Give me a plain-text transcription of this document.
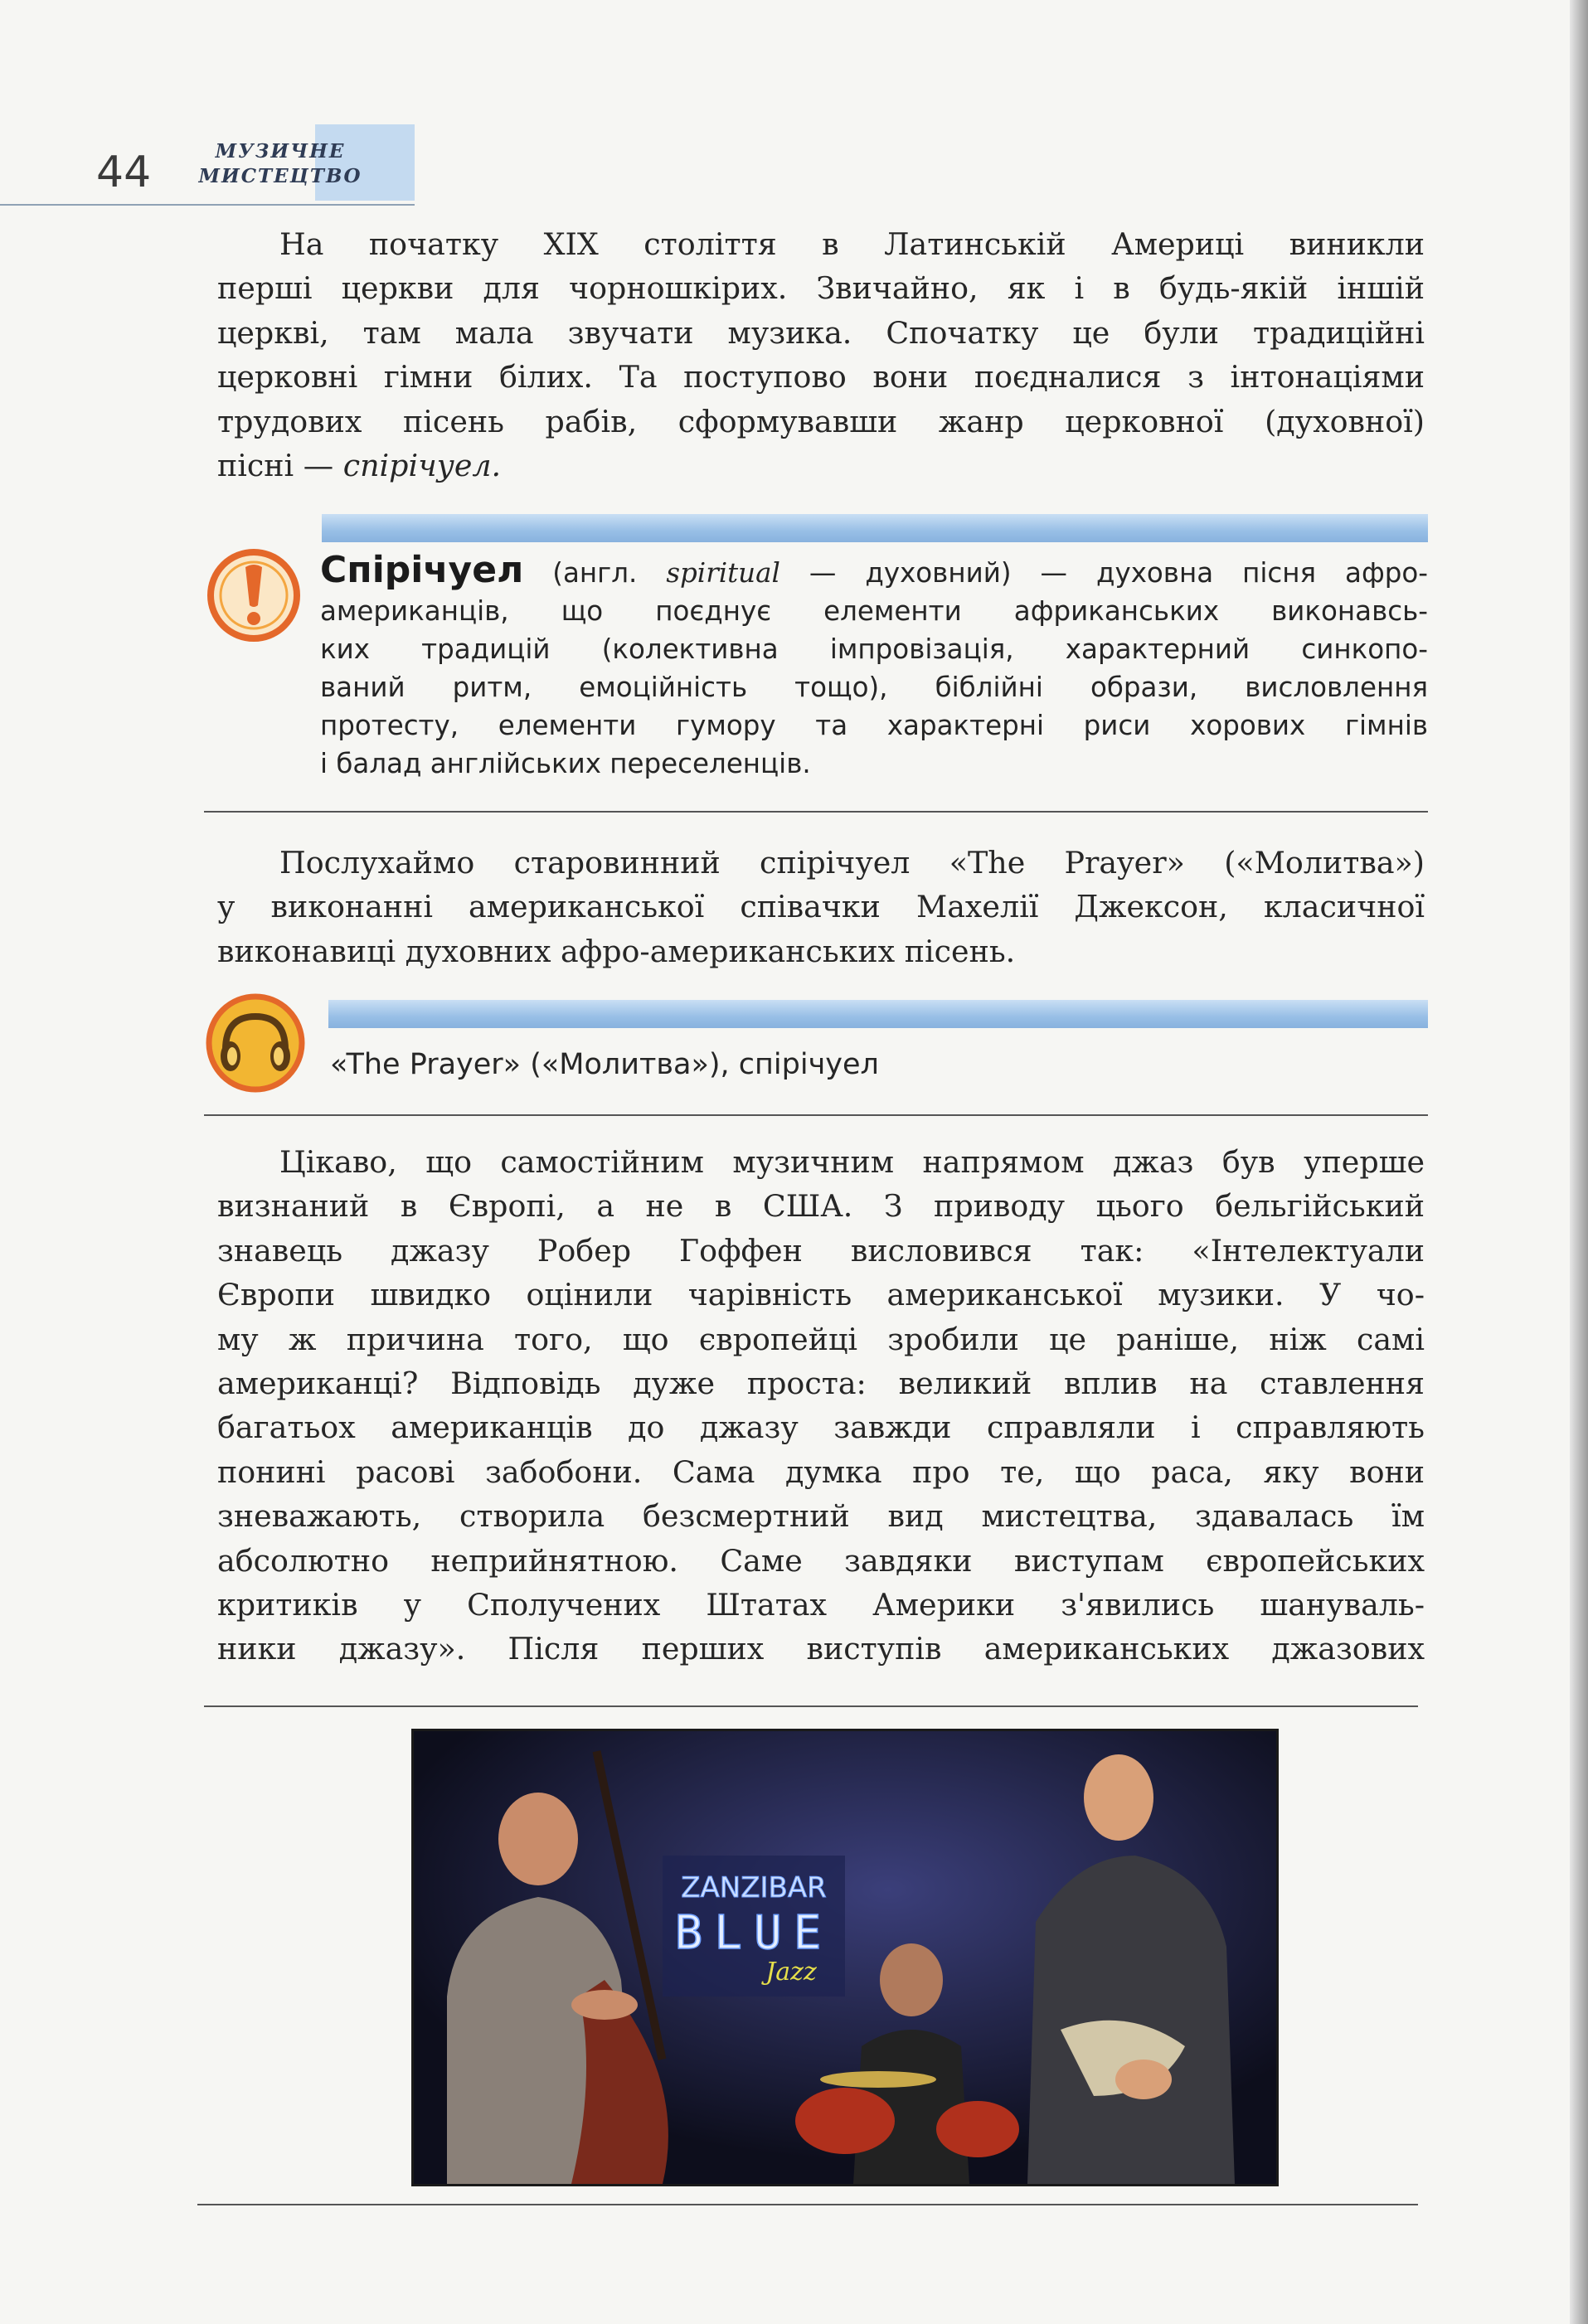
44	МУЗИЧНЕ
МИСТЕЦТВО

На початку XIX століття в Латинській Америці виникли
перші церкви для чорношкірих. Звичайно, як і в будь-якій іншій
церкві, там мала звучати музика. Спочатку це були традиційні
церковні гімни білих. Та поступово вони поєдналися з інтонаціями
трудових пісень рабів, сформувавши жанр церковної (духовної)
пісні — спірічуел.

Спірічуел (англ. spiritual — духовний) — духовна пісня афро-
американців, що поєднує елементи африканських виконавсь-
ких традицій (колективна імпровізація, характерний синкопо-
ваний ритм, емоційність тощо), біблійні образи, висловлення
протесту, елементи гумору та характерні риси хорових гімнів
і балад англійських переселенців.

Послухаймо старовинний спірічуел «The Prayer» («Молитва»)
у виконанні американської співачки Махелії Джексон, класичної
виконавиці духовних афро-американських пісень.

«The Prayer» («Молитва»), спірічуел

Цікаво, що самостійним музичним напрямом джаз був уперше
визнаний в Європі, а не в США. З приводу цього бельгійський
знавець джазу Робер Гоффен висловився так: «Інтелектуали
Європи швидко оцінили чарівність американської музики. У чо-
му ж причина того, що європейці зробили це раніше, ніж самі
американці? Відповідь дуже проста: великий вплив на ставлення
багатьох американців до джазу завжди справляли і справляють
понині расові забобони. Сама думка про те, що раса, яку вони
зневажають, створила безсмертний вид мистецтва, здавалась їм
абсолютно неприйнятною. Саме завдяки виступам європейських
критиків у Сполучених Штатах Америки з'явились шануваль-
ники джазу». Після перших виступів американських джазових

ZANZIBAR
BLUE
Jazz
